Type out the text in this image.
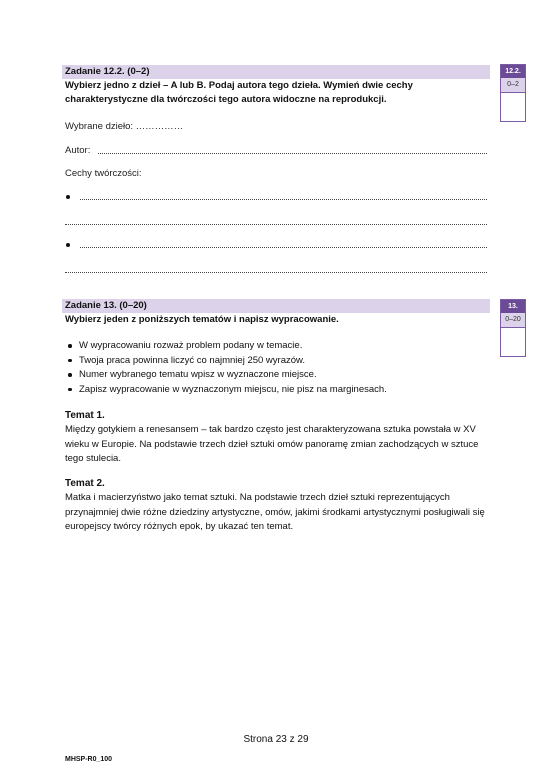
Zadanie 12.2. (0–2)
Wybierz jedno z dzieł – A lub B. Podaj autora tego dzieła. Wymień dwie cechy charakterystyczne dla twórczości tego autora widoczne na reprodukcji.
12.2.
0–2
Wybrane dzieło: ……………
Autor:
Cechy twórczości:
Zadanie 13. (0–20)
Wybierz jeden z poniższych tematów i napisz wypracowanie.
13.
0–20
W wypracowaniu rozważ problem podany w temacie.
Twoja praca powinna liczyć co najmniej 250 wyrazów.
Numer wybranego tematu wpisz w wyznaczone miejsce.
Zapisz wypracowanie w wyznaczonym miejscu, nie pisz na marginesach.
Temat 1.
Między gotykiem a renesansem – tak bardzo często jest charakteryzowana sztuka powstała w XV wieku w Europie. Na podstawie trzech dzieł sztuki omów panoramę zmian zachodzących w sztuce tego stulecia.
Temat 2.
Matka i macierzyństwo jako temat sztuki. Na podstawie trzech dzieł sztuki reprezentujących przynajmniej dwie różne dziedziny artystyczne, omów, jakimi środkami artystycznymi posługiwali się europejscy twórcy różnych epok, by ukazać ten temat.
Strona 23 z 29
MHSP-R0_100
